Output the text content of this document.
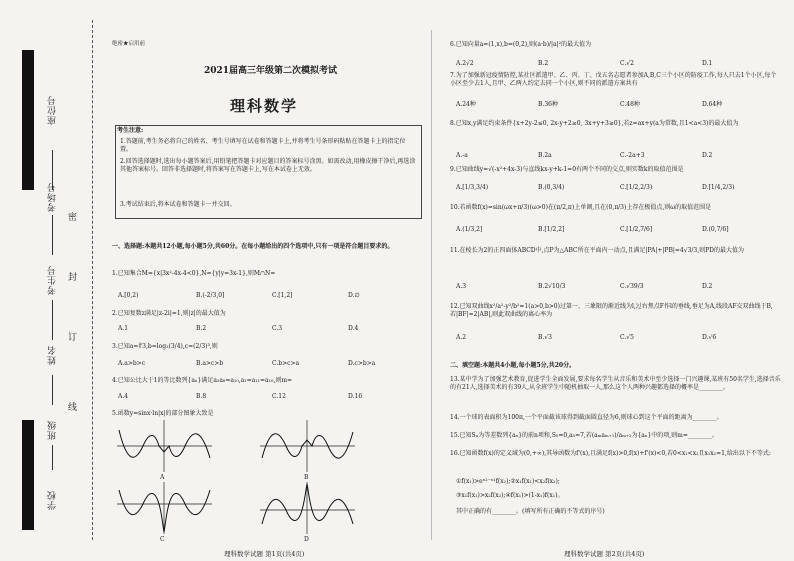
座位号
考场号
考生号
姓名
班级
学校
密
封
订
线
绝密★启用前
2021届高三年级第二次模拟考试
理科数学
考生注意:
1.答题前,考生务必将自己的姓名、考生号填写在试卷和答题卡上,并将考生号条形码粘贴在答题卡上的指定位置。
2.回答选择题时,选出每小题答案后,用铅笔把答题卡对应题目的答案标号涂黑。如需改动,用橡皮擦干净后,再选涂其他答案标号。回答非选择题时,将答案写在答题卡上,写在本试卷上无效。
3.考试结束后,将本试卷和答题卡一并交回。
一、选择题:本题共12小题,每小题5分,共60分。在每小题给出的四个选项中,只有一项是符合题目要求的。
1.已知集合M={x|3x²-4x-4<0},N={y|y=3x-1},则M∩N=
A.[0,2)	B.(-2/3,0]	C.[1,2]	D.∅
2.已知复数z满足|z-2i|=1,则|z|的最大值为
A.1	B.2	C.3	D.4
3.已知a=∜3,b=log₃(3/4),c=(2/3)³,则
A.a>b>c	B.a>c>b	C.b>c>a	D.c>b>a
4.已知公比大于1的等比数列{aₙ}满足a₂a₈=a₁₀,a₁=a₁₁=a₁₀,则m=
A.4	B.8	C.12	D.16
5.函数y=sinx·ln|x|的部分图象大致是
A	B
C	D
理科数学试题 第1页(共4页)
6.已知向量a=(1,x),b=(0,2),则(a·b)/|a|²的最大值为
A.2√2	B.2	C.√2	D.1
7.为了加强新冠疫情防控,某社区派遣甲、乙、丙、丁、戊五名志愿者参加A,B,C三个小区的防疫工作,每人只去1个小区,每个小区至少去1人,且甲、乙两人约定去同一个小区,则不同的派遣方案共有
A.24种	B.36种	C.48种	D.64种
8.已知x,y满足约束条件{x+2y-2≤0, 2x-y+2≥0, 3x+y+3≥0},若z=ax+y(a为常数,且1<a<3)的最大值为
A.-a	B.2a	C.-2a+3	D.2
9.已知曲线y=√(-x²+4x-3)与直线kx-y+k-1=0有两个不同的交点,则实数k的取值范围是
A.[1/3,3/4)	B.(0,3/4)	C.[1/2,2/3)	D.[1/4,2/3)
10.若函数f(x)=sin(ωx+π/3)(ω>0)在(π/2,π)上单调,且在(0,π/3)上存在极值点,则ω的取值范围是
A.(1/3,2]	B.[1/2,2]	C.[1/2,7/6]	D.(0,7/6]
11.在棱长为2的正四面体ABCD中,点P为△ABC所在平面内一动点,且满足|PA|+|PB|=4√3/3,则PD的最大值为
A.3	B.2√10/3	C.√39/3	D.2
12.已知双曲线x²/a²-y²/b²=1(a>0,b>0)过第一、三象限的渐近线为l,过右焦点F作l的垂线,垂足为A,线段AF交双曲线于B,若|BF|=2|AB|,则此双曲线的离心率为
A.2	B.√3	C.√5	D.√6
二、填空题:本题共4小题,每小题5分,共20分。
13.某中学为了加强艺术教育,促进学生全面发展,要求每名学生从音乐和美术中至少选择一门兴趣课,某班有50名学生,选择音乐的有21人,选择美术的有39人,从全班学生中随机抽取一人,那么这个人两种兴趣都选择的概率是________。
14.一个球的表面积为100π,一个平面截该球得到截面圆直径为6,则球心到这个平面的距离为________。
15.已知Sₙ为等差数列{aₙ}的前n项和,S₅=0,a₅=7,若(aₘaₘ₊₁)/aₘ₊₂为{aₙ}中的项,则m=________。
16.已知函数f(x)的定义域为(0,+∞),其导函数为f'(x),且满足f(x)>0,f(x)+f'(x)<0,若0<x₁<x₂且x₁x₂=1,给出以下不等式:
①f(x₁)>eˣ²⁻ˣ¹f(x₂);②x₁f(x₁)<x₂f(x₂);
③x₁f(x₁)>x₂f(x₂);④f(x₁)>(1-x₁)f(x₁)。
其中正确的有________。(填写所有正确的不等式的序号)
理科数学试题 第2页(共4页)
